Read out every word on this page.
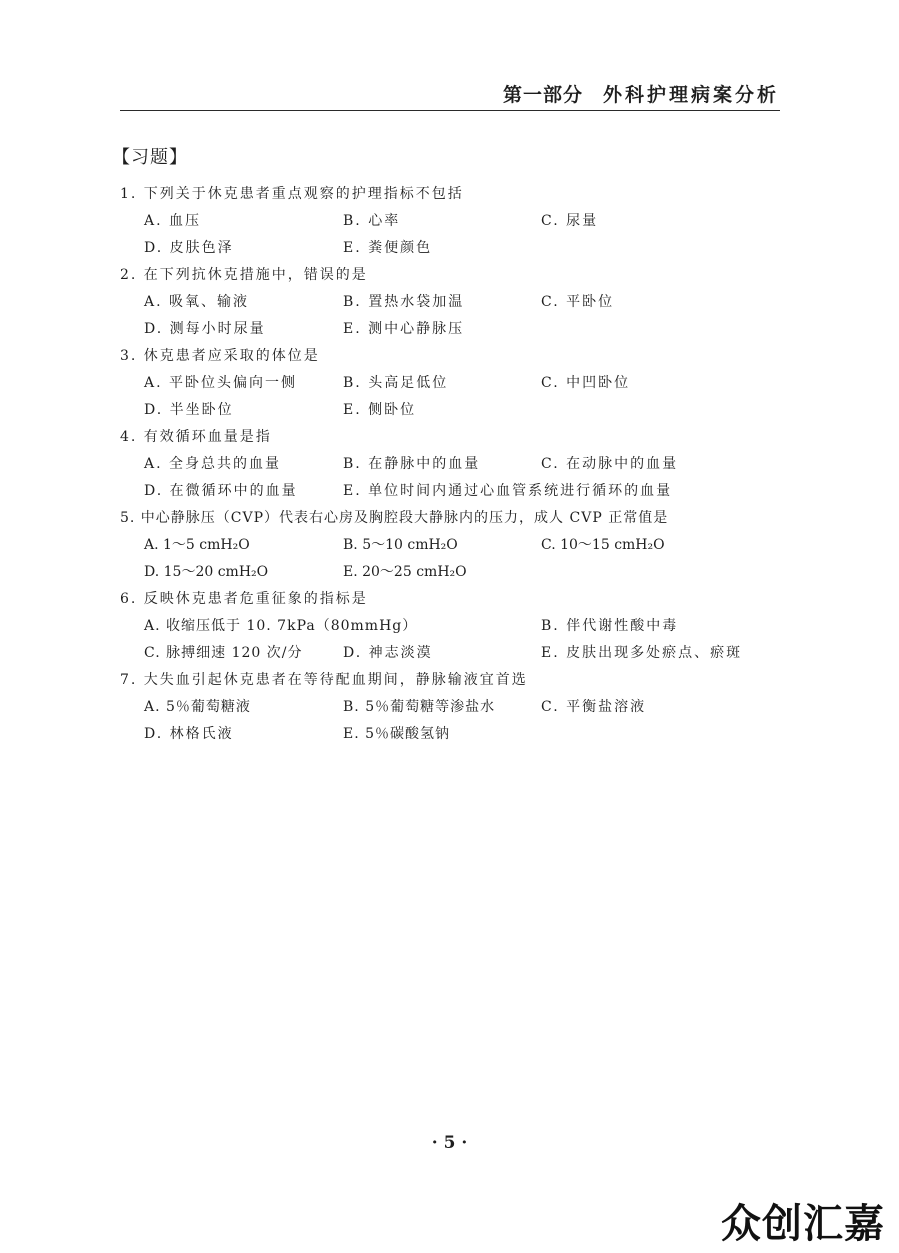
第一部分 外科护理病案分析
【习题】
1. 下列关于休克患者重点观察的护理指标不包括
A. 血压	B. 心率	C. 尿量
D. 皮肤色泽	E. 粪便颜色
2. 在下列抗休克措施中，错误的是
A. 吸氧、输液	B. 置热水袋加温	C. 平卧位
D. 测每小时尿量	E. 测中心静脉压
3. 休克患者应采取的体位是
A. 平卧位头偏向一侧	B. 头高足低位	C. 中凹卧位
D. 半坐卧位	E. 侧卧位
4. 有效循环血量是指
A. 全身总共的血量	B. 在静脉中的血量	C. 在动脉中的血量
D. 在微循环中的血量	E. 单位时间内通过心血管系统进行循环的血量
5. 中心静脉压（CVP）代表右心房及胸腔段大静脉内的压力，成人 CVP 正常值是
A. 1～5 cmH₂O	B. 5～10 cmH₂O	C. 10～15 cmH₂O
D. 15～20 cmH₂O	E. 20～25 cmH₂O
6. 反映休克患者危重征象的指标是
A. 收缩压低于 10. 7kPa（80mmHg）	B. 伴代谢性酸中毒
C. 脉搏细速 120 次/分	D. 神志淡漠	E. 皮肤出现多处瘀点、瘀斑
7. 大失血引起休克患者在等待配血期间，静脉输液宜首选
A. 5％葡萄糖液	B. 5％葡萄糖等渗盐水	C. 平衡盐溶液
D. 林格氏液	E. 5％碳酸氢钠
· 5 ·
众创汇嘉
